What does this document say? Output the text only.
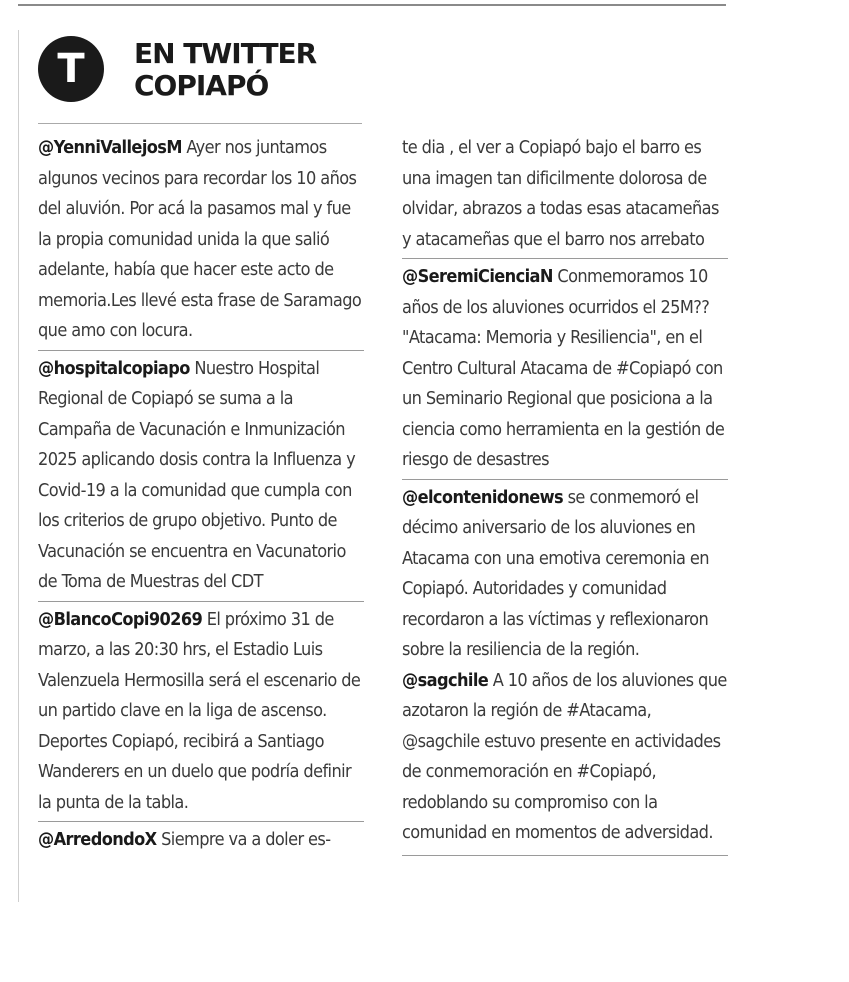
T EN TWITTER
COPIAPÓ
@YenniVallejosM Ayer nos juntamos algunos vecinos para recordar los 10 años del aluvión. Por acá la pasamos mal y fue la propia comunidad unida la que salió adelante, había que hacer este acto de memoria.Les llevé esta frase de Saramago que amo con locura.
@hospitalcopiapo Nuestro Hospital Regional de Copiapó se suma a la Campaña de Vacunación e Inmunización 2025 aplicando dosis contra la Influenza y Covid-19 a la comunidad que cumpla con los criterios de grupo objetivo. Punto de Vacunación se encuentra en Vacunatorio de Toma de Muestras del CDT
@BlancoCopi90269 El próximo 31 de marzo, a las 20:30 hrs, el Estadio Luis Valenzuela Hermosilla será el escenario de un partido clave en la liga de ascenso. Deportes Copiapó, recibirá a Santiago Wanderers en un duelo que podría definir la punta de la tabla.
@ArredondoX Siempre va a doler es-
te dia , el ver a Copiapó bajo el barro es una imagen tan dificilmente dolorosa de olvidar, abrazos a todas esas atacameñas y atacameñas que el barro nos arrebato
@SeremiCienciaN Conmemoramos 10 años de los aluviones ocurridos el 25M?? "Atacama: Memoria y Resiliencia", en el Centro Cultural Atacama de #Copiapó con un Seminario Regional que posiciona a la ciencia como herramienta en la gestión de riesgo de desastres
@elcontenidonews se conmemoró el décimo aniversario de los aluviones en Atacama con una emotiva ceremonia en Copiapó. Autoridades y comunidad recordaron a las víctimas y reflexionaron sobre la resiliencia de la región. @sagchile A 10 años de los aluviones que azotaron la región de #Atacama, @sagchile estuvo presente en actividades de conmemoración en #Copiapó, redoblando su compromiso con la comunidad en momentos de adversidad.
